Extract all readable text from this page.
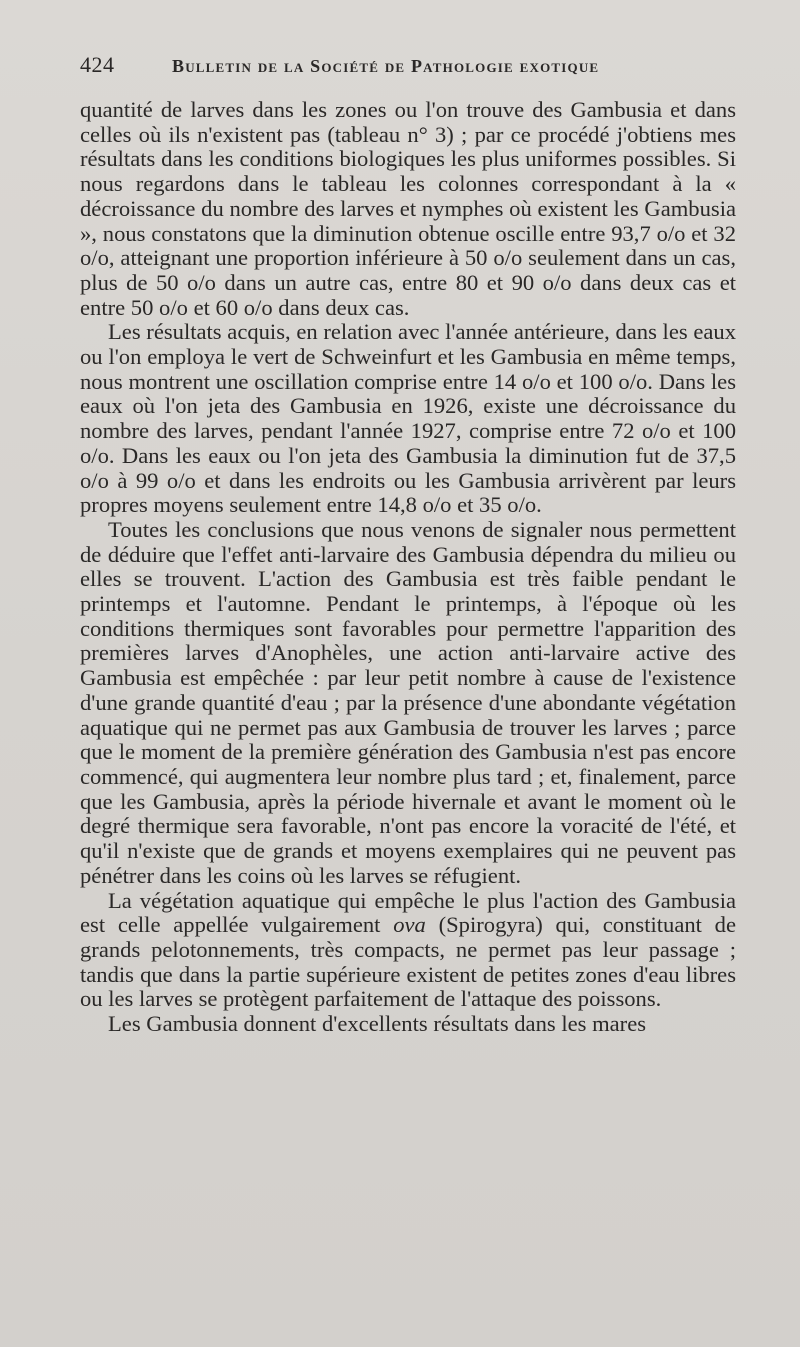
424	Bulletin de la Société de Pathologie exotique

quantité de larves dans les zones ou l'on trouve des Gambusia et dans celles où ils n'existent pas (tableau n° 3) ; par ce procédé j'obtiens mes résultats dans les conditions biologiques les plus uniformes possibles. Si nous regardons dans le tableau les colonnes correspondant à la « décroissance du nombre des larves et nymphes où existent les Gambusia », nous constatons que la diminution obtenue oscille entre 93,7 o/o et 32 o/o, atteignant une proportion inférieure à 50 o/o seulement dans un cas, plus de 50 o/o dans un autre cas, entre 80 et 90 o/o dans deux cas et entre 50 o/o et 60 o/o dans deux cas.

Les résultats acquis, en relation avec l'année antérieure, dans les eaux ou l'on employa le vert de Schweinfurt et les Gambusia en même temps, nous montrent une oscillation comprise entre 14 o/o et 100 o/o. Dans les eaux où l'on jeta des Gambusia en 1926, existe une décroissance du nombre des larves, pendant l'année 1927, comprise entre 72 o/o et 100 o/o. Dans les eaux ou l'on jeta des Gambusia la diminution fut de 37,5 o/o à 99 o/o et dans les endroits ou les Gambusia arrivèrent par leurs propres moyens seulement entre 14,8 o/o et 35 o/o.

Toutes les conclusions que nous venons de signaler nous permettent de déduire que l'effet anti-larvaire des Gambusia dépendra du milieu ou elles se trouvent. L'action des Gambusia est très faible pendant le printemps et l'automne. Pendant le printemps, à l'époque où les conditions thermiques sont favorables pour permettre l'apparition des premières larves d'Anophèles, une action anti-larvaire active des Gambusia est empêchée : par leur petit nombre à cause de l'existence d'une grande quantité d'eau ; par la présence d'une abondante végétation aquatique qui ne permet pas aux Gambusia de trouver les larves ; parce que le moment de la première génération des Gambusia n'est pas encore commencé, qui augmentera leur nombre plus tard ; et, finalement, parce que les Gambusia, après la période hivernale et avant le moment où le degré thermique sera favorable, n'ont pas encore la voracité de l'été, et qu'il n'existe que de grands et moyens exemplaires qui ne peuvent pas pénétrer dans les coins où les larves se réfugient.

La végétation aquatique qui empêche le plus l'action des Gambusia est celle appellée vulgairement ova (Spirogyra) qui, constituant de grands pelotonnements, très compacts, ne permet pas leur passage ; tandis que dans la partie supérieure existent de petites zones d'eau libres ou les larves se protègent parfaitement de l'attaque des poissons.

Les Gambusia donnent d'excellents résultats dans les mares
